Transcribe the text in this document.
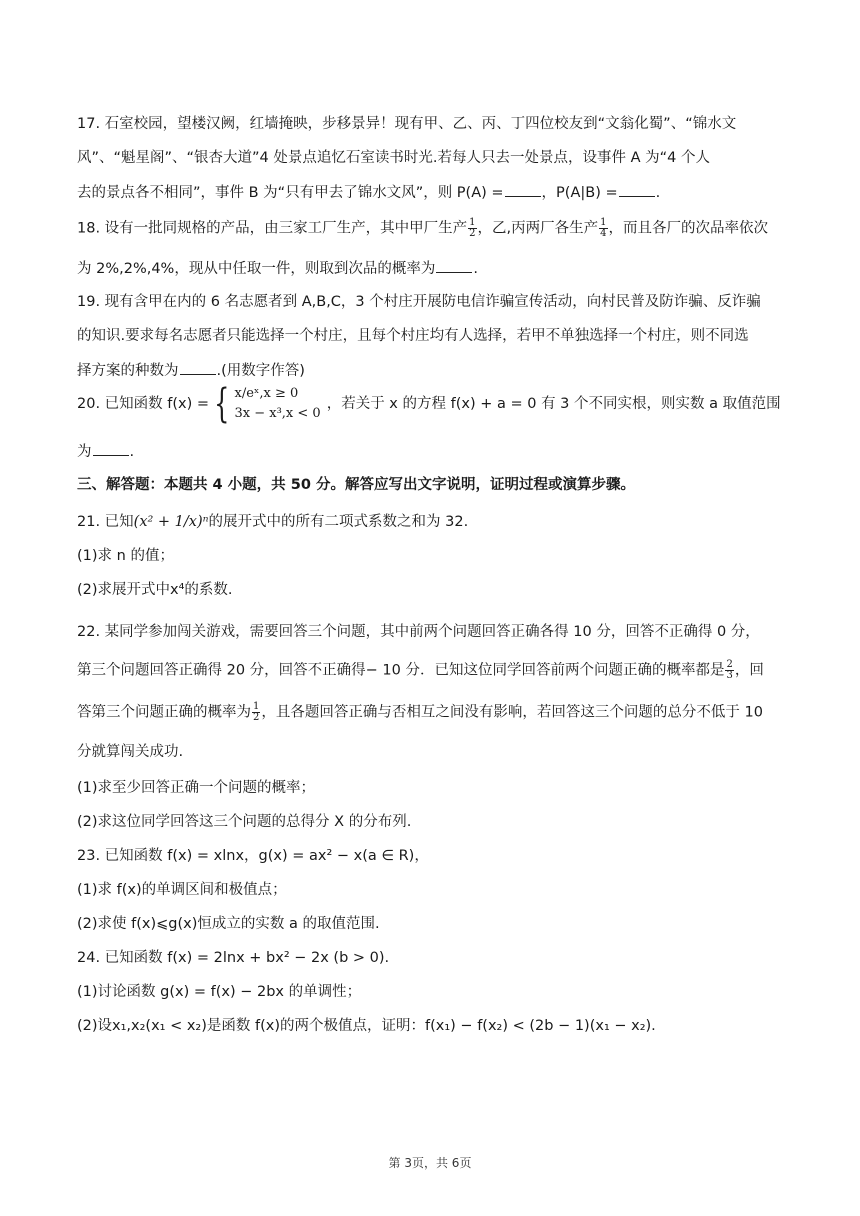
17. 石室校园，望楼汉阙，红墙掩映，步移景异！现有甲、乙、丙、丁四位校友到“文翁化蜀”、“锦水文
风”、“魁星阁”、“银杏大道”4 处景点追忆石室读书时光.若每人只去一处景点，设事件 A 为“4 个人
去的景点各不相同”，事件 B 为“只有甲去了锦水文风”，则 P(A) =	，P(A|B) =	.
18. 设有一批同规格的产品，由三家工厂生产，其中甲厂生产 $\frac{1}{2}$ ，乙,丙两厂各生产 $\frac{1}{4}$ ，而且各厂的次品率依次
为 2%,2%,4%，现从中任取一件，则取到次品的概率为	.
19. 现有含甲在内的 6 名志愿者到 A,B,C，3 个村庄开展防电信诈骗宣传活动，向村民普及防诈骗、反诈骗
的知识.要求每名志愿者只能选择一个村庄，且每个村庄均有人选择，若甲不单独选择一个村庄，则不同选
择方案的种数为	.(用数字作答)
20. 已知函数 f(x) = { x/eˣ,x ≥ 0
3x − x³,x < 0
，若关于 x 的方程 f(x) + a = 0 有 3 个不同实根，则实数 a 取值范围
为	.
三、解答题：本题共 4 小题，共 50 分。解答应写出文字说明，证明过程或演算步骤。
21. 已知(x² + 1/x)ⁿ的展开式中的所有二项式系数之和为 32.
(1)求 n 的值；
(2)求展开式中x⁴的系数.
22. 某同学参加闯关游戏，需要回答三个问题，其中前两个问题回答正确各得 10 分，回答不正确得 0 分，
第三个问题回答正确得 20 分，回答不正确得− 10 分．已知这位同学回答前两个问题正确的概率都是 $\frac{2}{3}$ ，回
答第三个问题正确的概率为 $\frac{1}{2}$ ，且各题回答正确与否相互之间没有影响，若回答这三个问题的总分不低于 10
分就算闯关成功.
(1)求至少回答正确一个问题的概率；
(2)求这位同学回答这三个问题的总得分 X 的分布列.
23. 已知函数 f(x) = xlnx，g(x) = ax² − x(a ∈ R)，
(1)求 f(x)的单调区间和极值点；
(2)求使 f(x)⩽g(x)恒成立的实数 a 的取值范围.
24. 已知函数 f(x) = 2lnx + bx² − 2x (b > 0).
(1)讨论函数 g(x) = f(x) − 2bx 的单调性；
(2)设x₁,x₂(x₁ < x₂)是函数 f(x)的两个极值点，证明：f(x₁) − f(x₂) < (2b − 1)(x₁ − x₂).
第 3页，共 6页
